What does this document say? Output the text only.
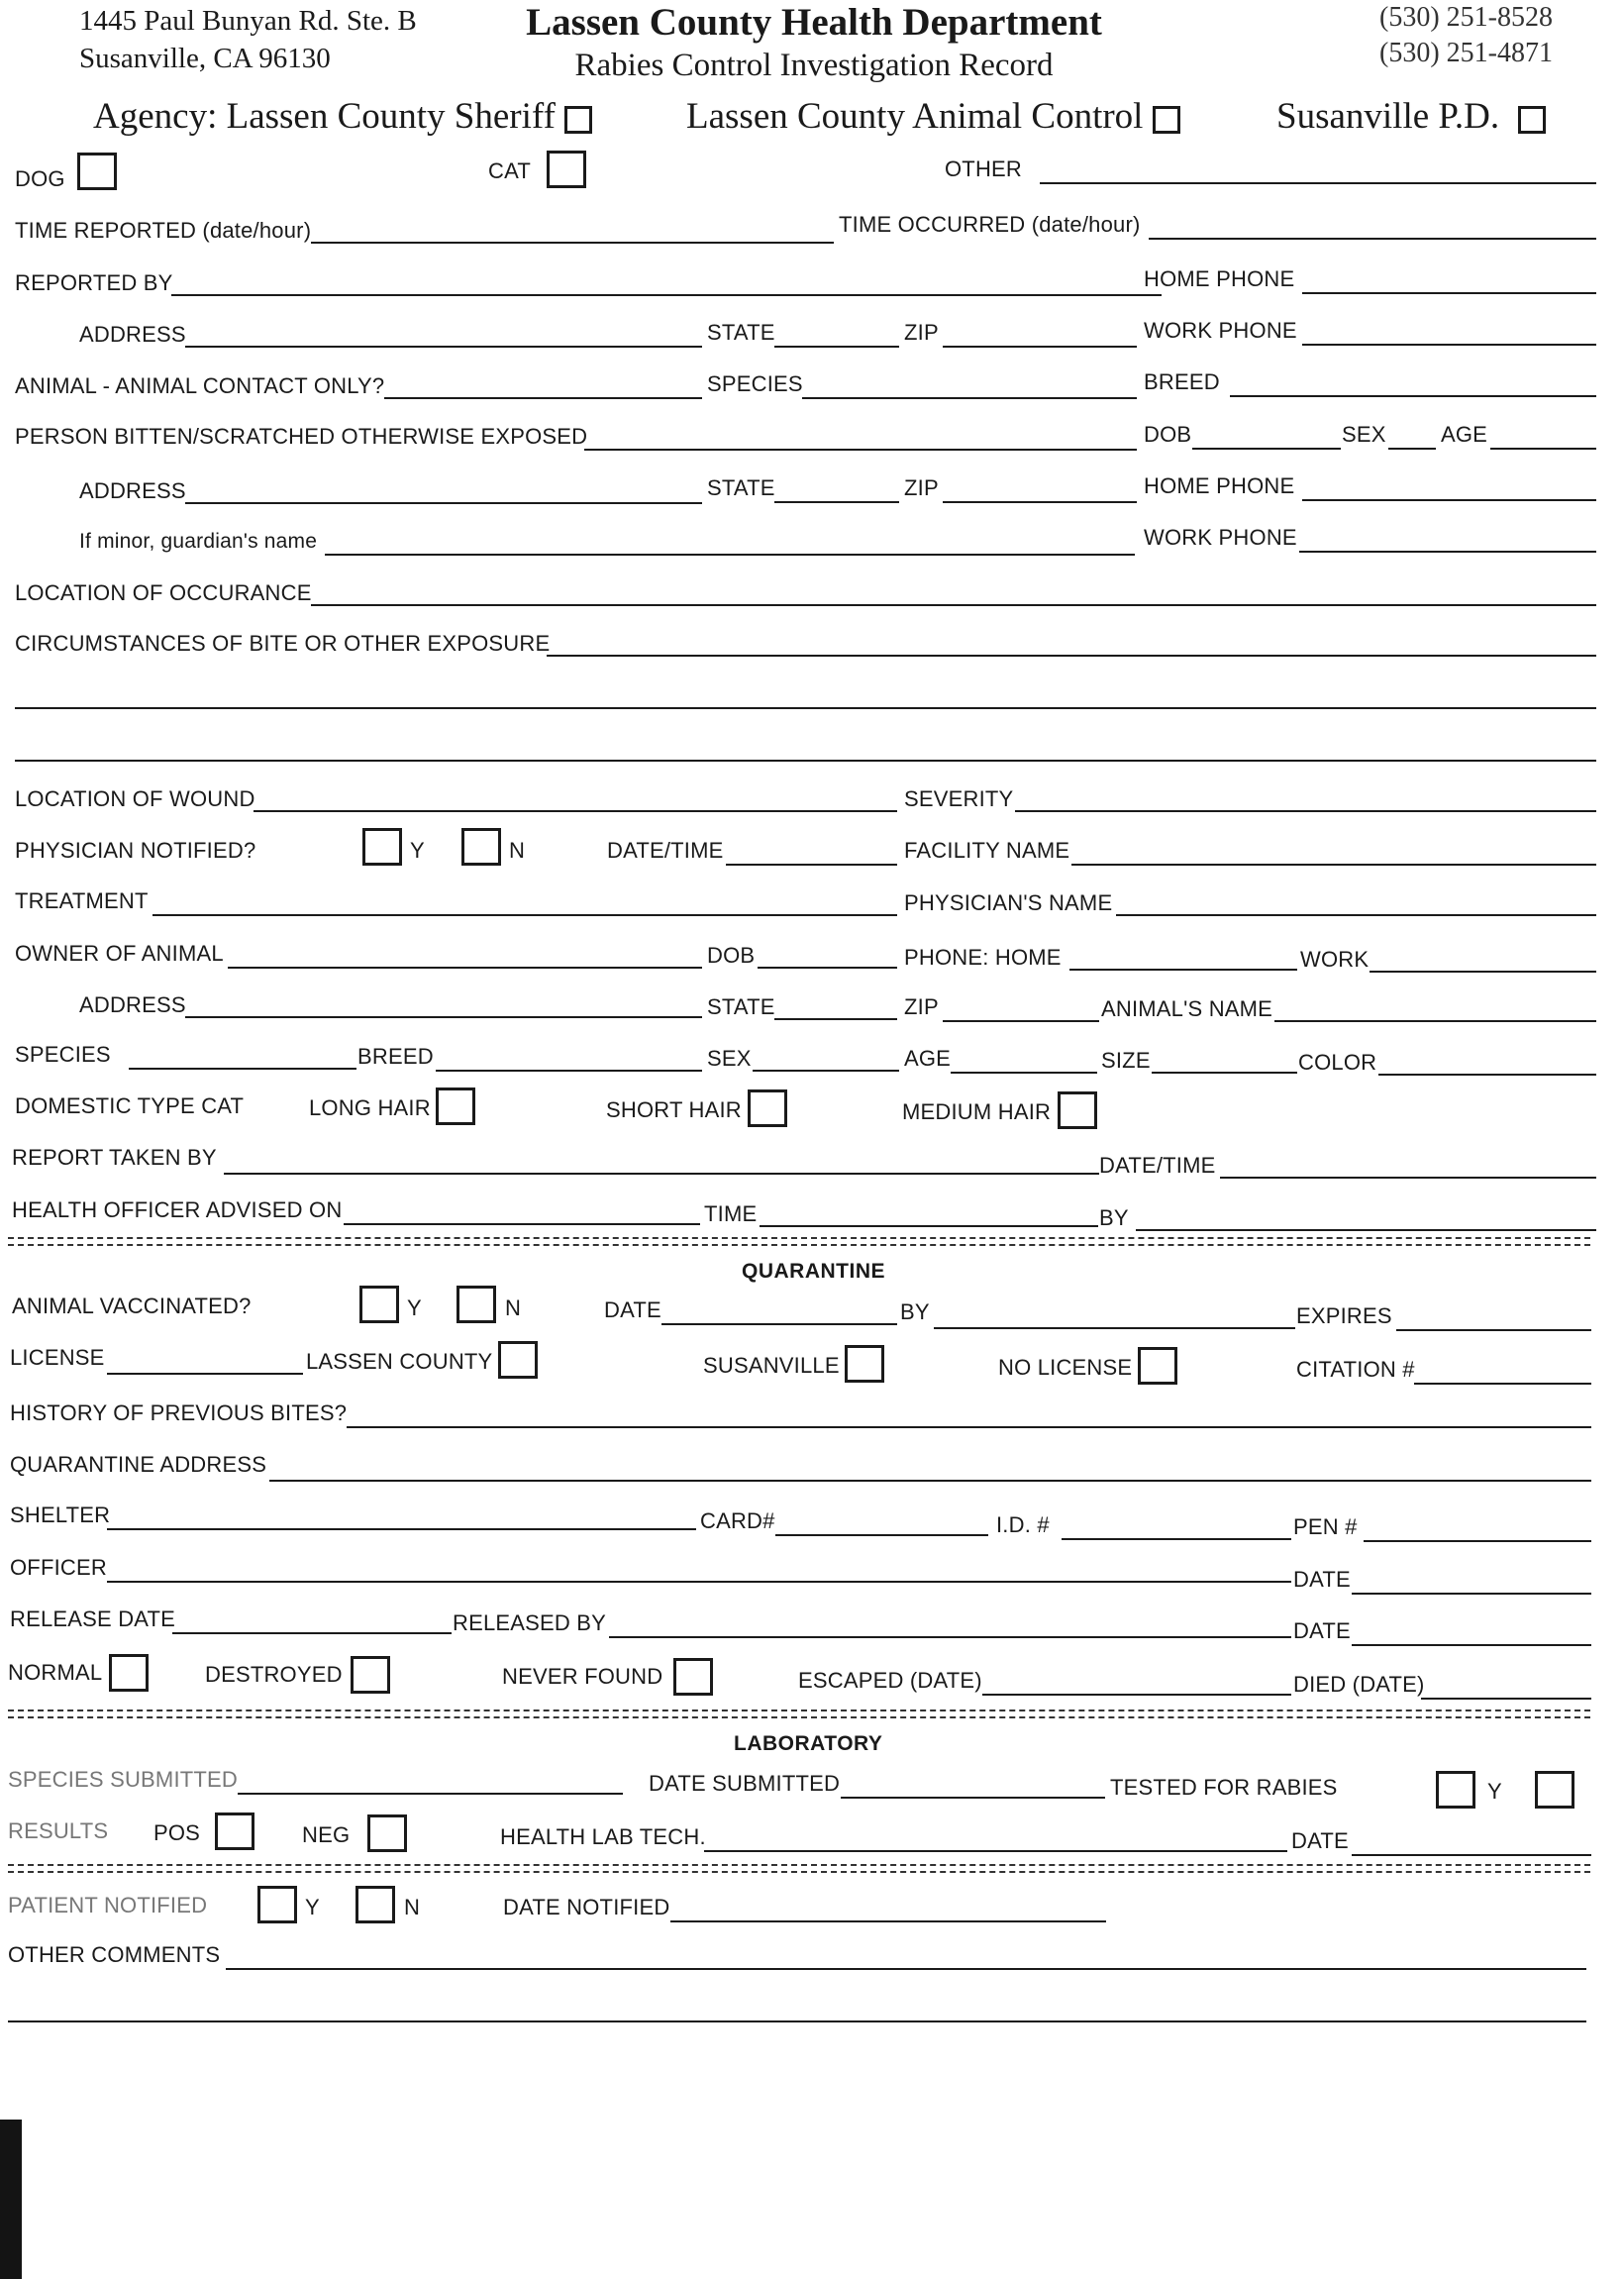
1445 Paul Bunyan Rd. Ste. B
Susanville, CA 96130
Lassen County Health Department
Rabies Control Investigation Record
(530) 251-8528
(530) 251-4871
Agency: Lassen County Sheriff	Lassen County Animal Control	Susanville P.D.
DOG	CAT	OTHER
TIME REPORTED (date/hour)	TIME OCCURRED (date/hour)
REPORTED BY	HOME PHONE
ADDRESS	STATE	ZIP	WORK PHONE
ANIMAL - ANIMAL CONTACT ONLY?	SPECIES	BREED
PERSON BITTEN/SCRATCHED OTHERWISE EXPOSED	DOB	SEX	AGE
ADDRESS	STATE	ZIP	HOME PHONE
If minor, guardian's name	WORK PHONE
LOCATION OF OCCURANCE
CIRCUMSTANCES OF BITE OR OTHER EXPOSURE
LOCATION OF WOUND	SEVERITY
PHYSICIAN NOTIFIED?	Y	N	DATE/TIME	FACILITY NAME
TREATMENT	PHYSICIAN'S NAME
OWNER OF ANIMAL	DOB	PHONE: HOME	WORK
ADDRESS	STATE	ZIP	ANIMAL'S NAME
SPECIES	BREED	SEX	AGE	SIZE	COLOR
DOMESTIC TYPE CAT	LONG HAIR	SHORT HAIR	MEDIUM HAIR
REPORT TAKEN BY	DATE/TIME
HEALTH OFFICER ADVISED ON	TIME	BY
QUARANTINE
ANIMAL VACCINATED?	Y	N	DATE	BY	EXPIRES
LICENSE	LASSEN COUNTY	SUSANVILLE	NO LICENSE	CITATION #
HISTORY OF PREVIOUS BITES?
QUARANTINE ADDRESS
SHELTER	CARD#	I.D. #	PEN #
OFFICER	DATE
RELEASE DATE	RELEASED BY	DATE
NORMAL	DESTROYED	NEVER FOUND	ESCAPED (DATE)	DIED (DATE)
LABORATORY
SPECIES SUBMITTED	DATE SUBMITTED	TESTED FOR RABIES	Y
RESULTS POS	NEG	HEALTH LAB TECH.	DATE
PATIENT NOTIFIED	Y	N	DATE NOTIFIED
OTHER COMMENTS
